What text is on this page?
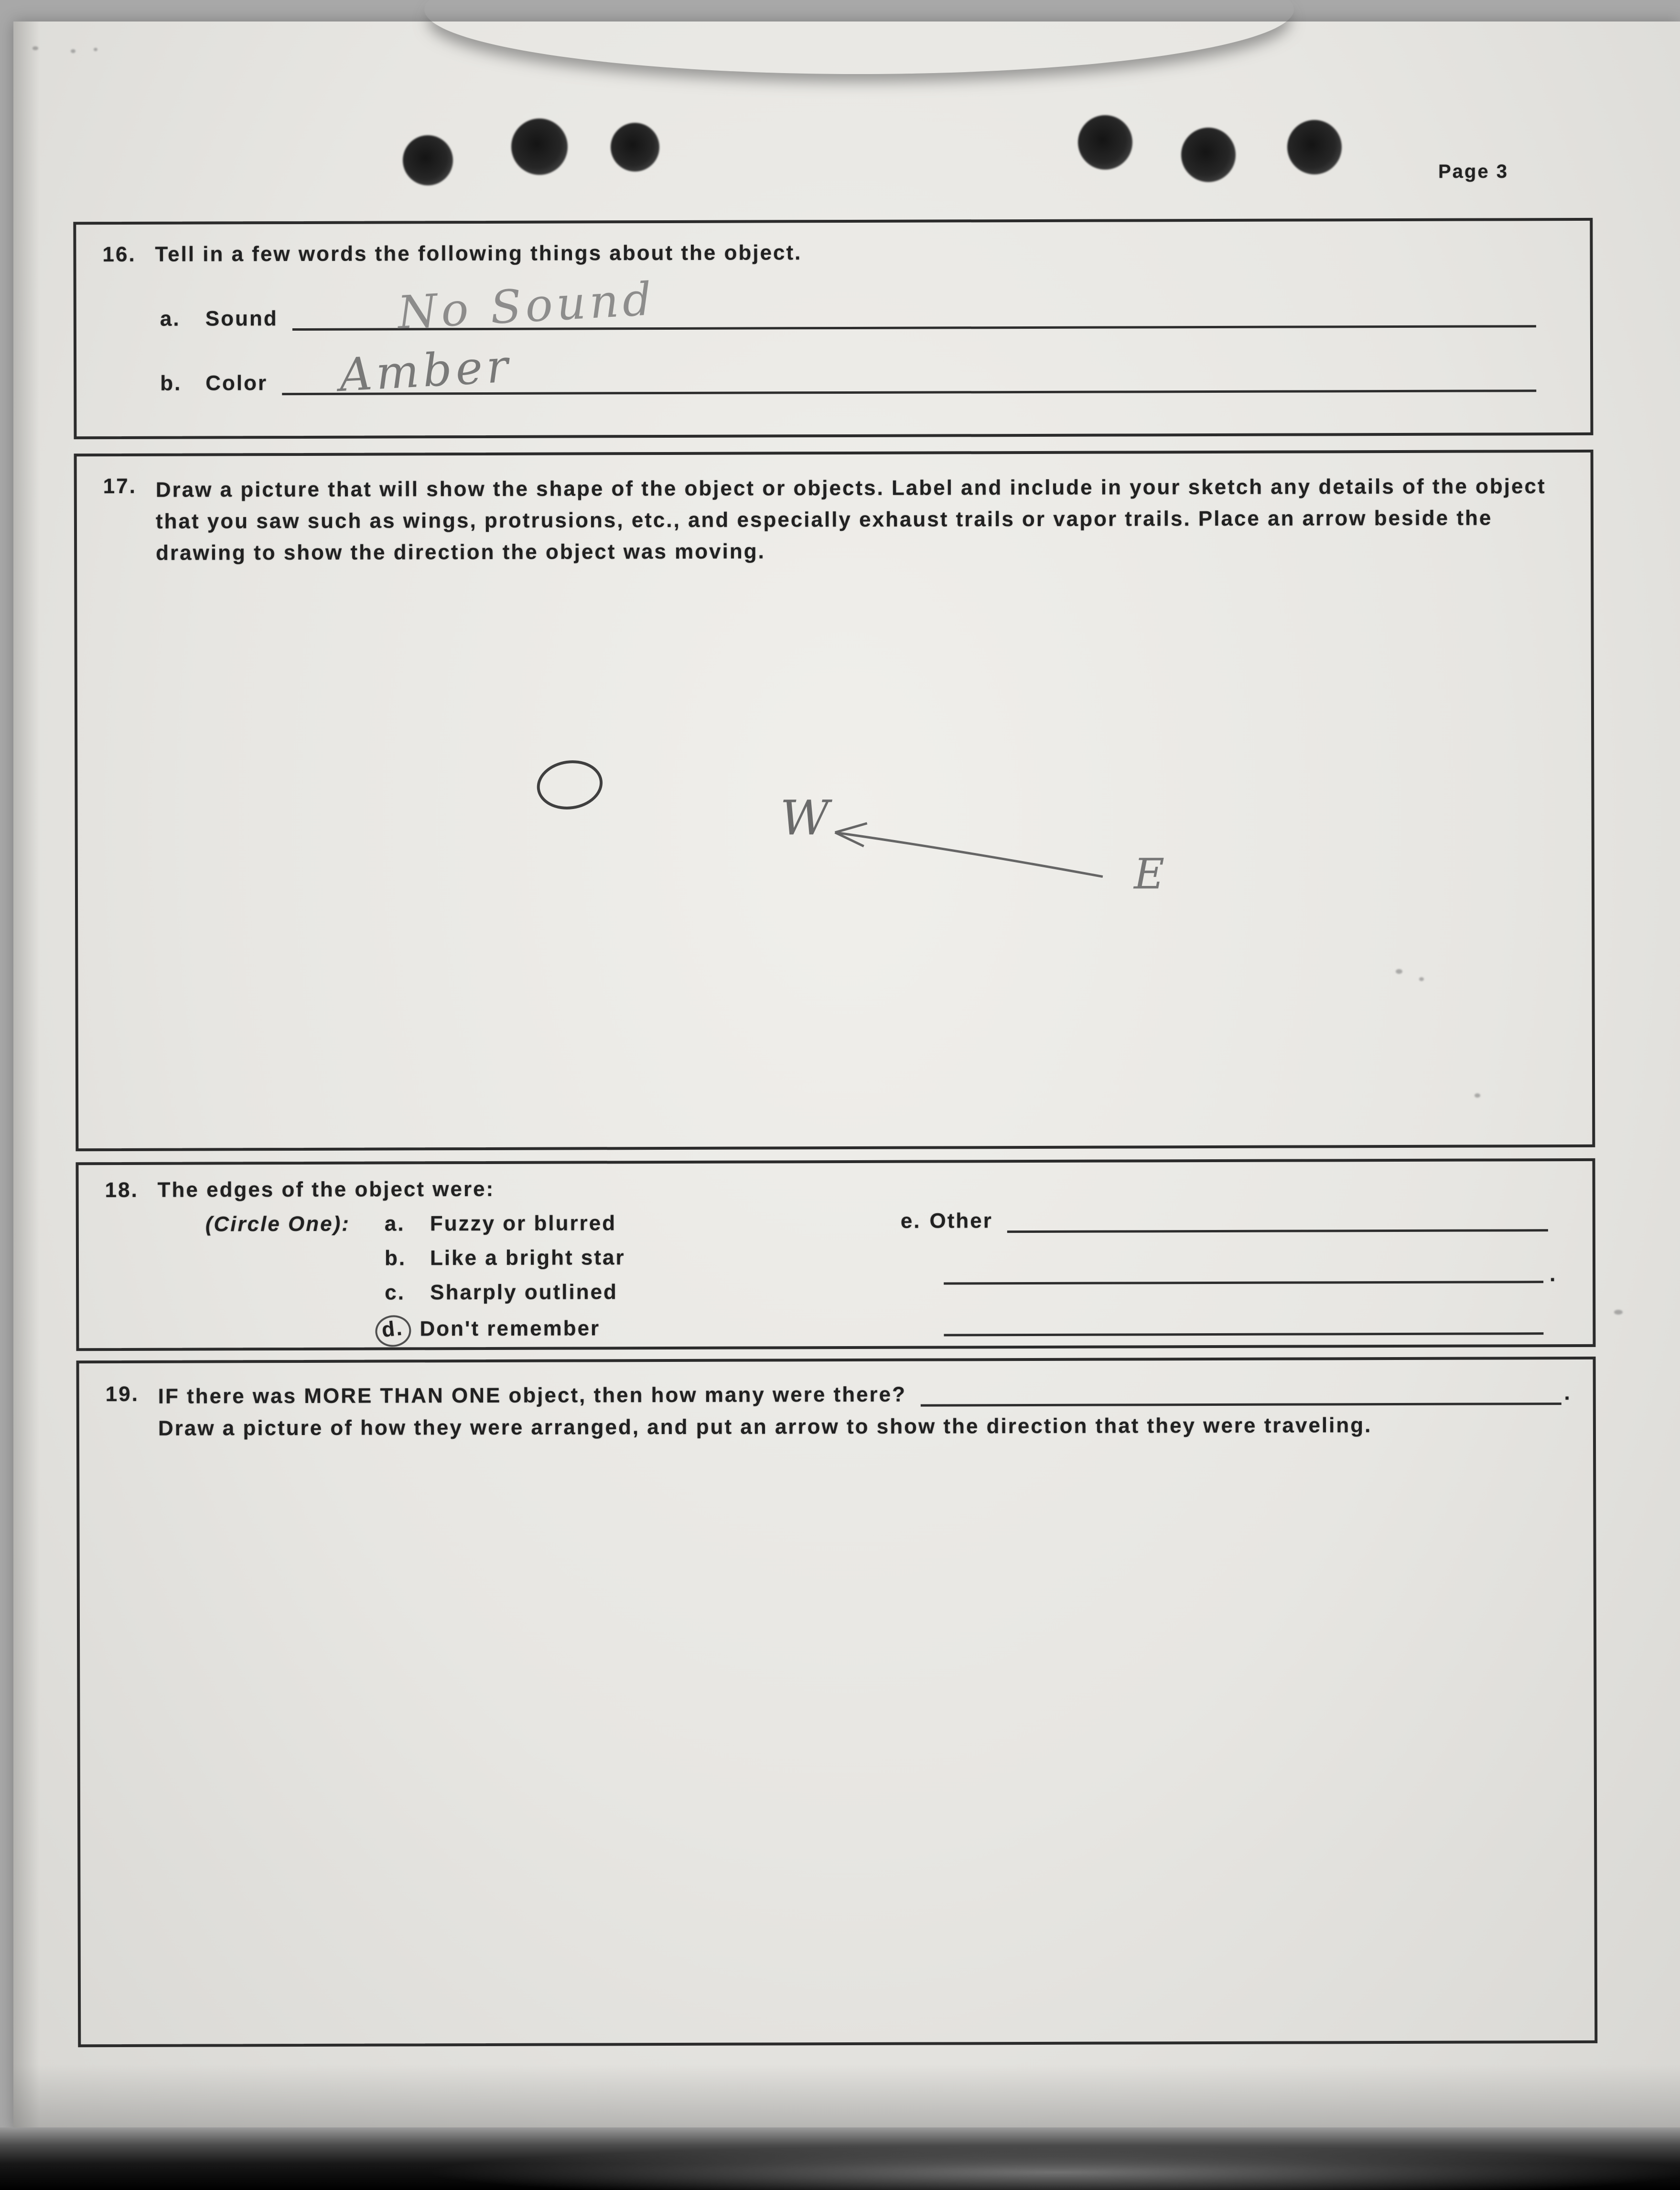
Page 3
16. Tell in a few words the following things about the object.
a.	Sound	No Sound
b.	Color Amber
17. Draw a picture that will show the shape of the object or objects. Label and include in your sketch any details of the object that you saw such as wings, protrusions, etc., and especially exhaust trails or vapor trails. Place an arrow beside the drawing to show the direction the object was moving.
W
E
18. The edges of the object were:
(Circle One): a.	Fuzzy or blurred
b.	Like a bright star
c.	Sharply outlined
d. Don't remember
e. Other
.
19. IF there was MORE THAN ONE object, then how many were there?	.
Draw a picture of how they were arranged, and put an arrow to show the direction that they were traveling.
